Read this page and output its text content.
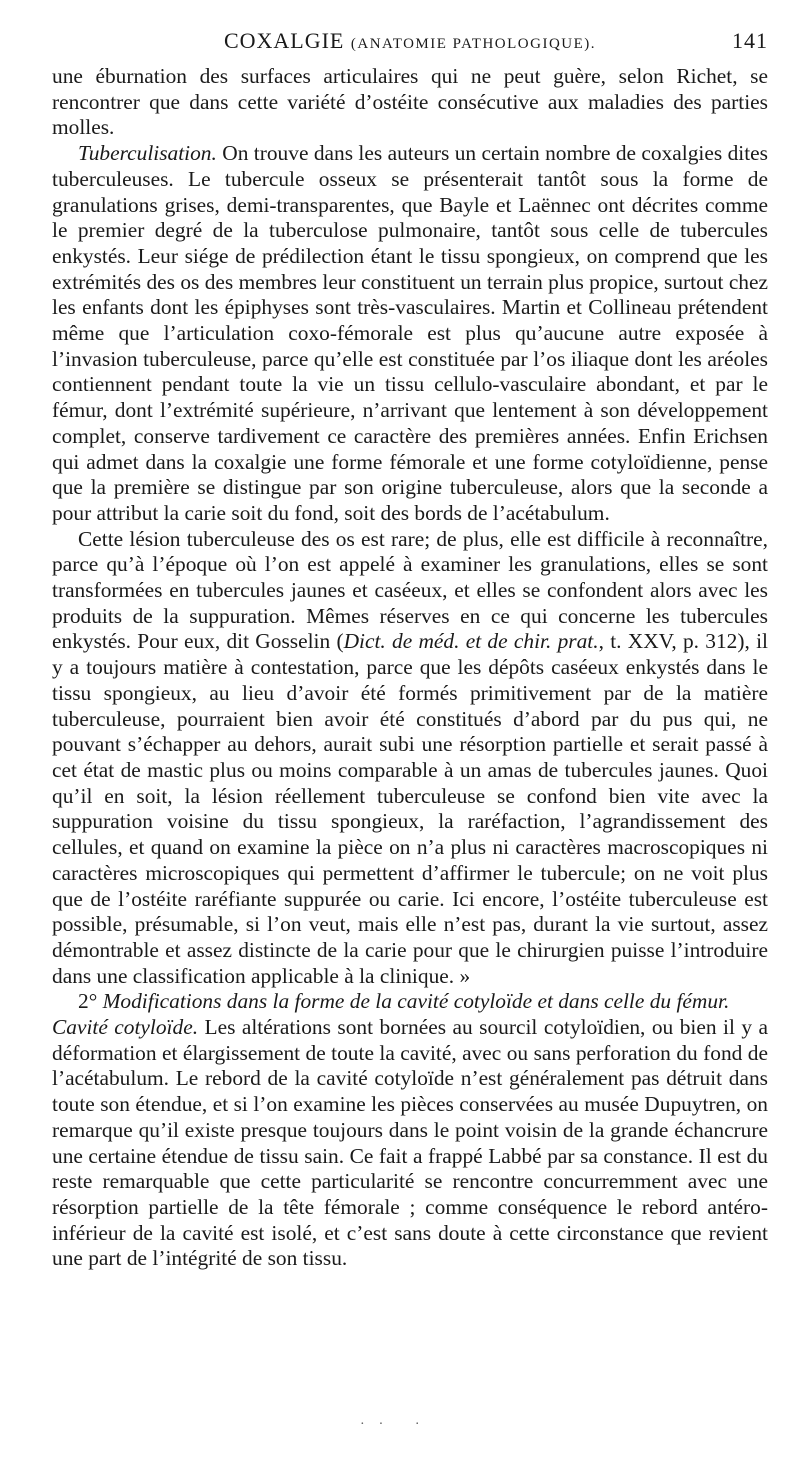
COXALGIE (ANATOMIE PATHOLOGIQUE).	141

une éburnation des surfaces articulaires qui ne peut guère, selon Richet, se rencontrer que dans cette variété d’ostéite consécutive aux maladies des parties molles.

Tuberculisation. On trouve dans les auteurs un certain nombre de coxalgies dites tuberculeuses. Le tubercule osseux se présenterait tantôt sous la forme de granulations grises, demi-transparentes, que Bayle et Laënnec ont décrites comme le premier degré de la tuberculose pulmonaire, tantôt sous celle de tubercules enkystés. Leur siége de prédilection étant le tissu spongieux, on comprend que les extrémités des os des membres leur constituent un terrain plus propice, surtout chez les enfants dont les épiphyses sont très-vasculaires. Martin et Collineau prétendent même que l’articulation coxo-fémorale est plus qu’aucune autre exposée à l’invasion tuberculeuse, parce qu’elle est constituée par l’os iliaque dont les aréoles contiennent pendant toute la vie un tissu cellulo-vasculaire abondant, et par le fémur, dont l’extrémité supérieure, n’arrivant que lentement à son développement complet, conserve tardivement ce caractère des premières années. Enfin Erichsen qui admet dans la coxalgie une forme fémorale et une forme cotyloïdienne, pense que la première se distingue par son origine tuberculeuse, alors que la seconde a pour attribut la carie soit du fond, soit des bords de l’acétabulum.

Cette lésion tuberculeuse des os est rare; de plus, elle est difficile à reconnaître, parce qu’à l’époque où l’on est appelé à examiner les granulations, elles se sont transformées en tubercules jaunes et caséeux, et elles se confondent alors avec les produits de la suppuration. Mêmes réserves en ce qui concerne les tubercules enkystés. Pour eux, dit Gosselin (Dict. de méd. et de chir. prat., t. XXV, p. 312), il y a toujours matière à contestation, parce que les dépôts caséeux enkystés dans le tissu spongieux, au lieu d’avoir été formés primitivement par de la matière tuberculeuse, pourraient bien avoir été constitués d’abord par du pus qui, ne pouvant s’échapper au dehors, aurait subi une résorption partielle et serait passé à cet état de mastic plus ou moins comparable à un amas de tubercules jaunes. Quoi qu’il en soit, la lésion réellement tuberculeuse se confond bien vite avec la suppuration voisine du tissu spongieux, la raréfaction, l’agrandissement des cellules, et quand on examine la pièce on n’a plus ni caractères macroscopiques ni caractères microscopiques qui permettent d’affirmer le tubercule; on ne voit plus que de l’ostéite raréfiante suppurée ou carie. Ici encore, l’ostéite tuberculeuse est possible, présumable, si l’on veut, mais elle n’est pas, durant la vie surtout, assez démontrable et assez distincte de la carie pour que le chirurgien puisse l’introduire dans une classification applicable à la clinique. »

2° Modifications dans la forme de la cavité cotyloïde et dans celle du fémur.

Cavité cotyloïde. Les altérations sont bornées au sourcil cotyloïdien, ou bien il y a déformation et élargissement de toute la cavité, avec ou sans perforation du fond de l’acétabulum. Le rebord de la cavité cotyloïde n’est généralement pas détruit dans toute son étendue, et si l’on examine les pièces conservées au musée Dupuytren, on remarque qu’il existe presque toujours dans le point voisin de la grande échancrure une certaine étendue de tissu sain. Ce fait a frappé Labbé par sa constance. Il est du reste remarquable que cette particularité se rencontre concurremment avec une résorption partielle de la tête fémorale ; comme conséquence le rebord antéro-inférieur de la cavité est isolé, et c’est sans doute à cette circonstance que revient une part de l’intégrité de son tissu.

·· ·
